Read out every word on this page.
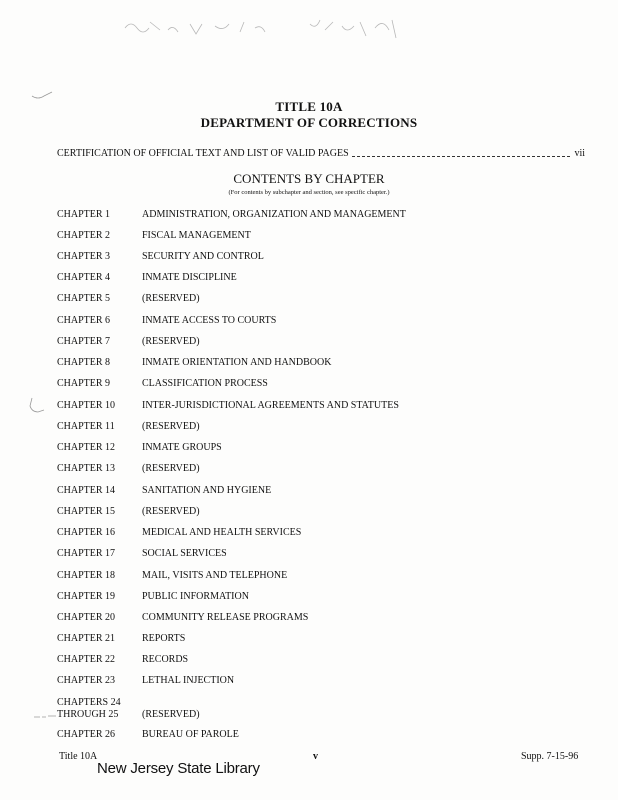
TITLE 10A
DEPARTMENT OF CORRECTIONS
CERTIFICATION OF OFFICIAL TEXT AND LIST OF VALID PAGES	vii
CONTENTS BY CHAPTER
(For contents by subchapter and section, see specific chapter.)
CHAPTER 1	ADMINISTRATION, ORGANIZATION AND MANAGEMENT
CHAPTER 2	FISCAL MANAGEMENT
CHAPTER 3	SECURITY AND CONTROL
CHAPTER 4	INMATE DISCIPLINE
CHAPTER 5	(RESERVED)
CHAPTER 6	INMATE ACCESS TO COURTS
CHAPTER 7	(RESERVED)
CHAPTER 8	INMATE ORIENTATION AND HANDBOOK
CHAPTER 9	CLASSIFICATION PROCESS
CHAPTER 10	INTER-JURISDICTIONAL AGREEMENTS AND STATUTES
CHAPTER 11	(RESERVED)
CHAPTER 12	INMATE GROUPS
CHAPTER 13	(RESERVED)
CHAPTER 14	SANITATION AND HYGIENE
CHAPTER 15	(RESERVED)
CHAPTER 16	MEDICAL AND HEALTH SERVICES
CHAPTER 17	SOCIAL SERVICES
CHAPTER 18	MAIL, VISITS AND TELEPHONE
CHAPTER 19	PUBLIC INFORMATION
CHAPTER 20	COMMUNITY RELEASE PROGRAMS
CHAPTER 21	REPORTS
CHAPTER 22	RECORDS
CHAPTER 23	LETHAL INJECTION
CHAPTERS 24
THROUGH 25	(RESERVED)
CHAPTER 26	BUREAU OF PAROLE
Title 10A	v	Supp. 7-15-96
New Jersey State Library
